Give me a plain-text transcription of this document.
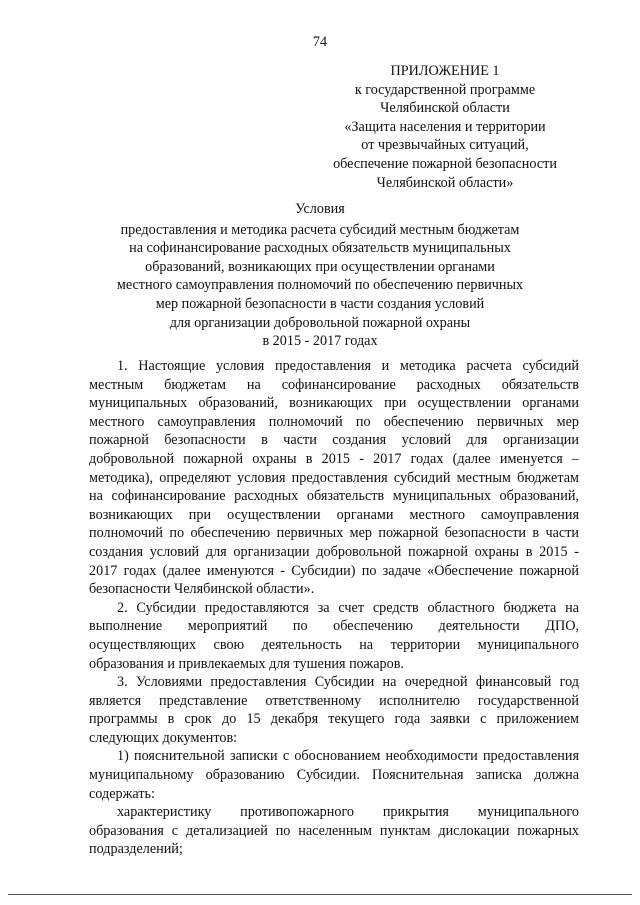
74
ПРИЛОЖЕНИЕ 1
к государственной программе
Челябинской области
«Защита населения и территории
от чрезвычайных ситуаций,
обеспечение пожарной безопасности
Челябинской области»
Условия
предоставления и методика расчета субсидий местным бюджетам
на софинансирование расходных обязательств муниципальных
образований, возникающих при осуществлении органами
местного самоуправления полномочий по обеспечению первичных
мер пожарной безопасности в части создания условий
для организации добровольной пожарной охраны
в 2015 - 2017 годах

1. Настоящие условия предоставления и методика расчета субсидий местным бюджетам на софинансирование расходных обязательств муниципальных образований, возникающих при осуществлении органами местного самоуправления полномочий по обеспечению первичных мер пожарной безопасности в части создания условий для организации добровольной пожарной охраны в 2015 - 2017 годах (далее именуется – методика), определяют условия предоставления субсидий местным бюджетам на софинансирование расходных обязательств муниципальных образований, возникающих при осуществлении органами местного самоуправления полномочий по обеспечению первичных мер пожарной безопасности в части создания условий для организации добровольной пожарной охраны в 2015 - 2017 годах (далее именуются - Субсидии) по задаче «Обеспечение пожарной безопасности Челябинской области».

2. Субсидии предоставляются за счет средств областного бюджета на выполнение мероприятий по обеспечению деятельности ДПО, осуществляющих свою деятельность на территории муниципального образования и привлекаемых для тушения пожаров.

3. Условиями предоставления Субсидии на очередной финансовый год является представление ответственному исполнителю государственной программы в срок до 15 декабря текущего года заявки с приложением следующих документов:

1) пояснительной записки с обоснованием необходимости предоставления муниципальному образованию Субсидии. Пояснительная записка должна содержать:

характеристику противопожарного прикрытия муниципального образования с детализацией по населенным пунктам дислокации пожарных подразделений;
